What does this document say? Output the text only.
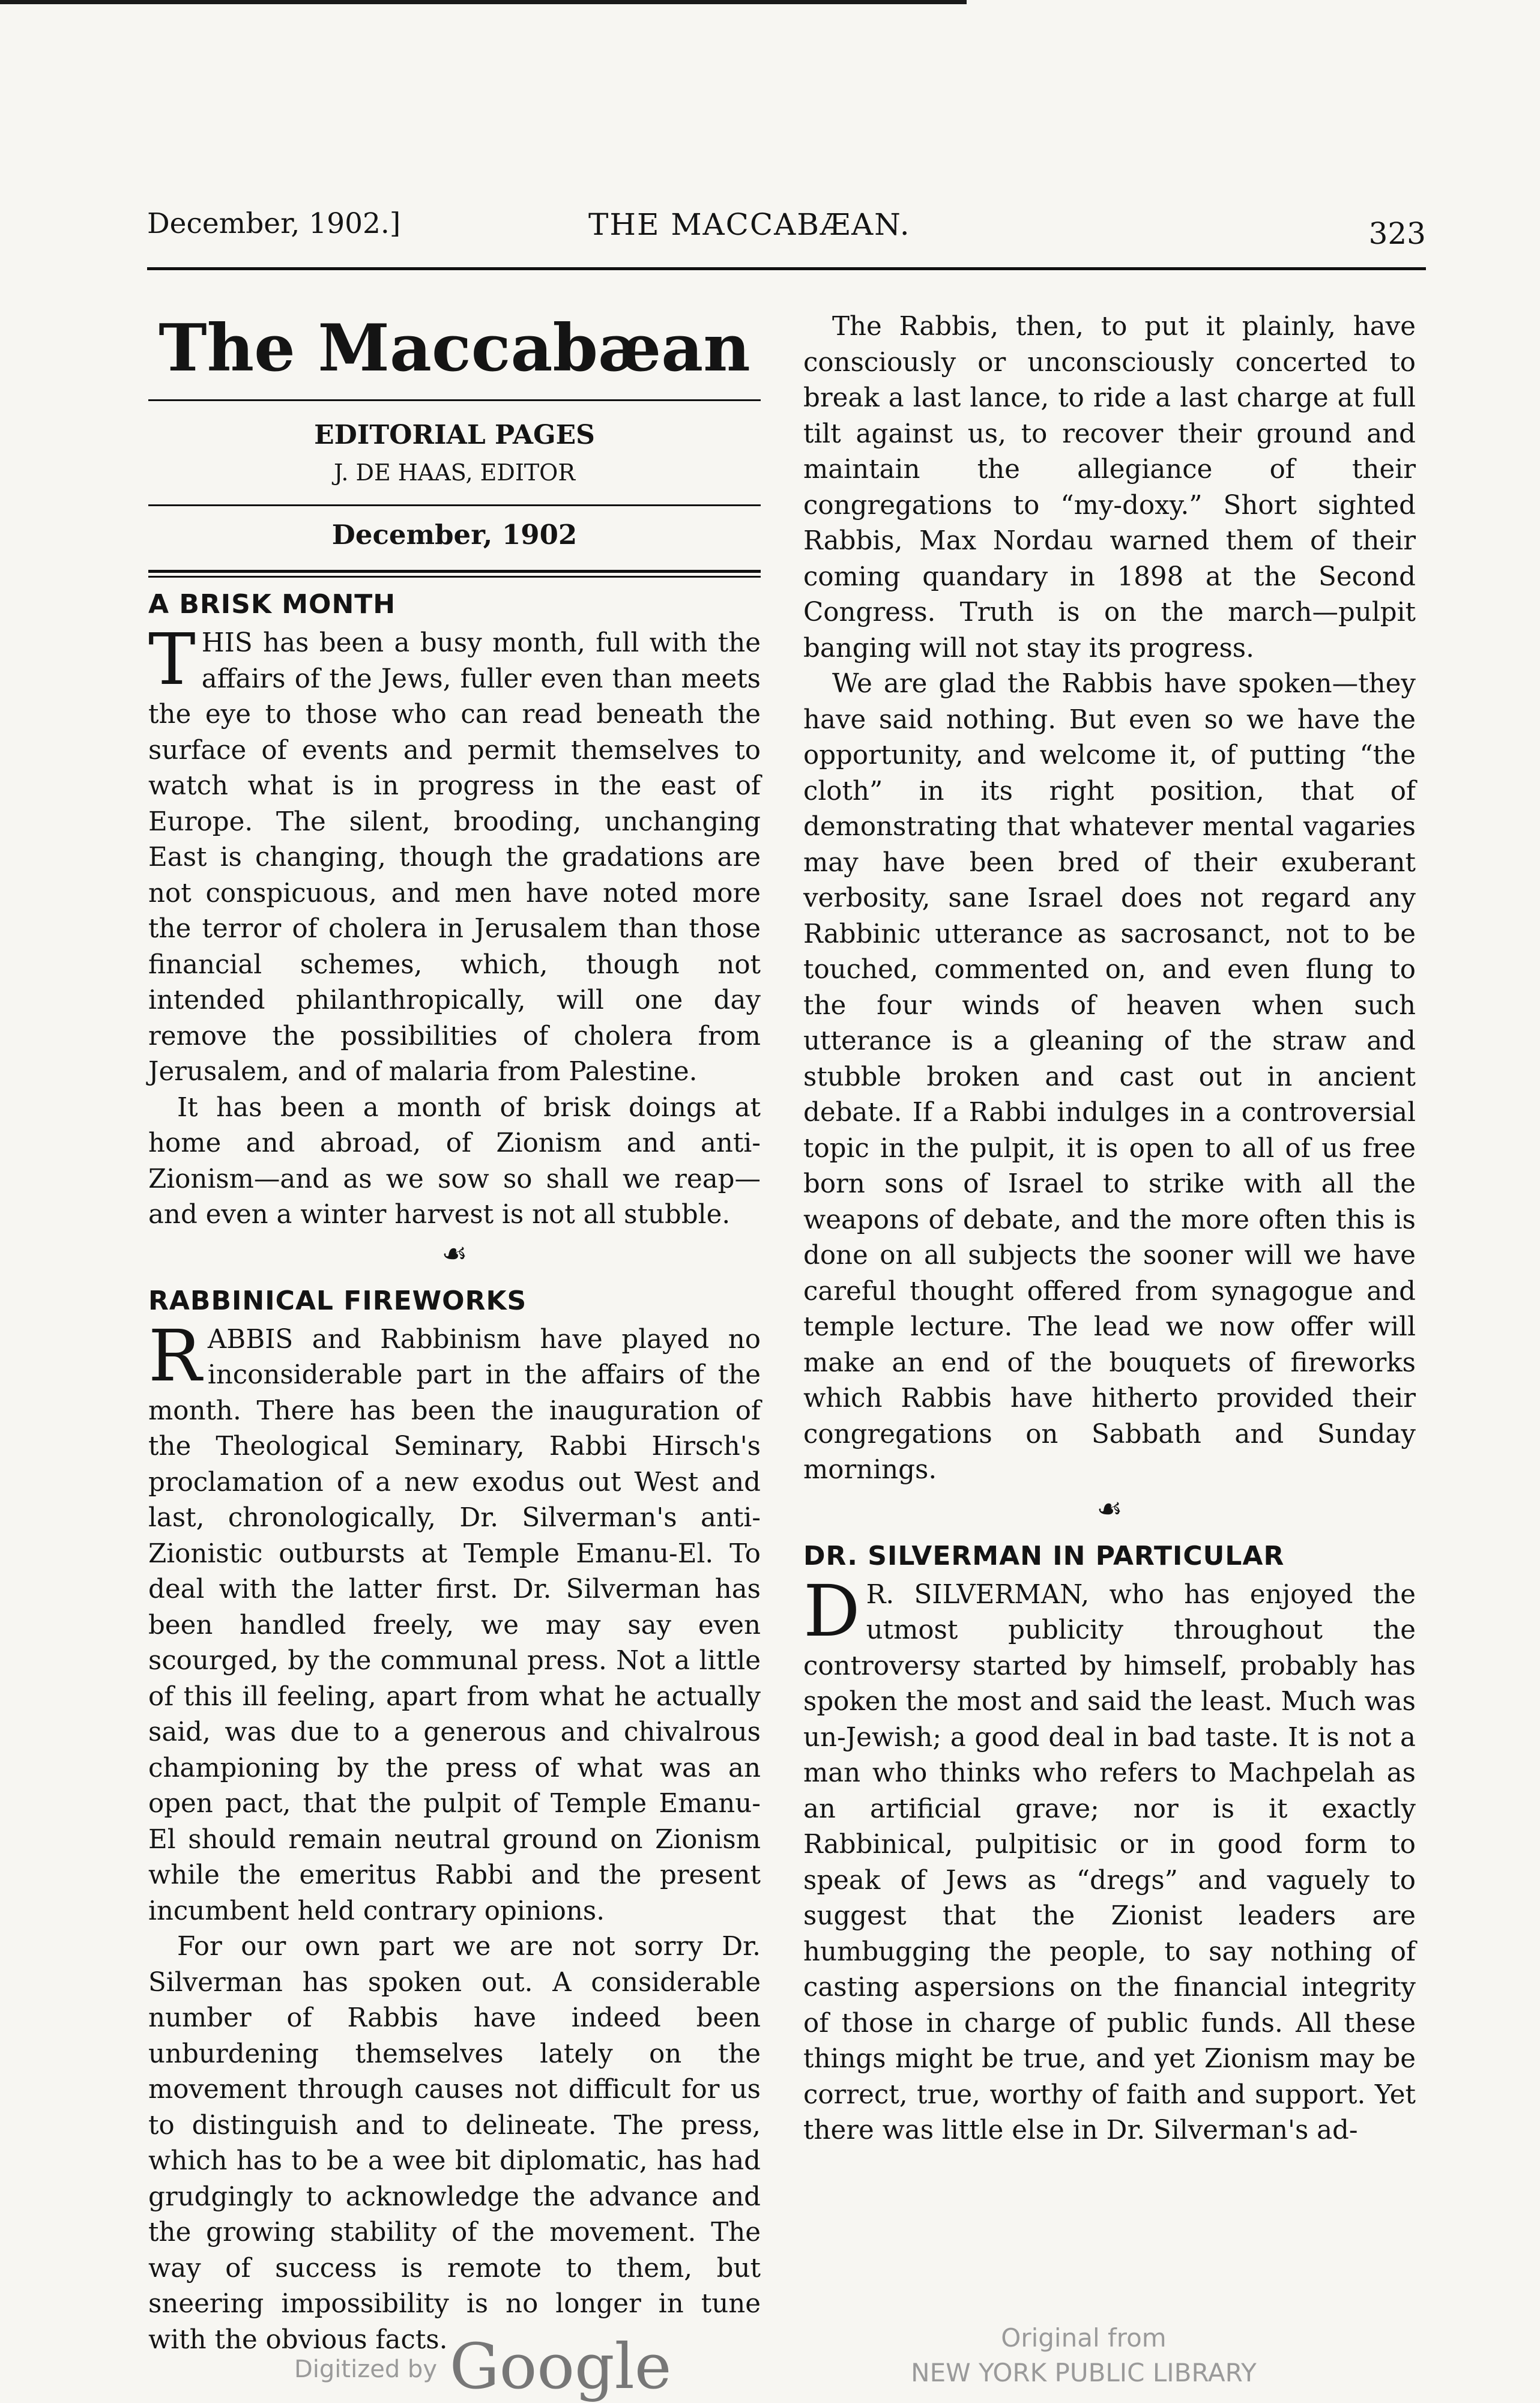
December, 1902.]	THE MACCABÆAN.	323
The Maccabæan
EDITORIAL PAGES
J. DE HAAS, EDITOR
December, 1902
A BRISK MONTH

THIS has been a busy month, full with the affairs of the Jews, fuller even than meets the eye to those who can read beneath the surface of events and permit themselves to watch what is in progress in the east of Europe. The silent, brooding, unchanging East is changing, though the gradations are not conspicuous, and men have noted more the terror of cholera in Jerusalem than those financial schemes, which, though not intended philanthropically, will one day remove the possibilities of cholera from Jerusalem, and of malaria from Palestine.

It has been a month of brisk doings at home and abroad, of Zionism and anti-Zionism—and as we sow so shall we reap—and even a winter harvest is not all stubble.

☙
RABBINICAL FIREWORKS

RABBIS and Rabbinism have played no inconsiderable part in the affairs of the month. There has been the inauguration of the Theological Seminary, Rabbi Hirsch's proclamation of a new exodus out West and last, chronologically, Dr. Silverman's anti-Zionistic outbursts at Temple Emanu-El. To deal with the latter first. Dr. Silverman has been handled freely, we may say even scourged, by the communal press. Not a little of this ill feeling, apart from what he actually said, was due to a generous and chivalrous championing by the press of what was an open pact, that the pulpit of Temple Emanu-El should remain neutral ground on Zionism while the emeritus Rabbi and the present incumbent held contrary opinions.

For our own part we are not sorry Dr. Silverman has spoken out. A considerable number of Rabbis have indeed been unburdening themselves lately on the movement through causes not difficult for us to distinguish and to delineate. The press, which has to be a wee bit diplomatic, has had grudgingly to acknowledge the advance and the growing stability of the movement. The way of success is remote to them, but sneering impossibility is no longer in tune with the obvious facts.

The Rabbis, then, to put it plainly, have consciously or unconsciously concerted to break a last lance, to ride a last charge at full tilt against us, to recover their ground and maintain the allegiance of their congregations to “my-doxy.” Short sighted Rabbis, Max Nordau warned them of their coming quandary in 1898 at the Second Congress. Truth is on the march—pulpit banging will not stay its progress.

We are glad the Rabbis have spoken—they have said nothing. But even so we have the opportunity, and welcome it, of putting “the cloth” in its right position, that of demonstrating that whatever mental vagaries may have been bred of their exuberant verbosity, sane Israel does not regard any Rabbinic utterance as sacrosanct, not to be touched, commented on, and even flung to the four winds of heaven when such utterance is a gleaning of the straw and stubble broken and cast out in ancient debate. If a Rabbi indulges in a controversial topic in the pulpit, it is open to all of us free born sons of Israel to strike with all the weapons of debate, and the more often this is done on all subjects the sooner will we have careful thought offered from synagogue and temple lecture. The lead we now offer will make an end of the bouquets of fireworks which Rabbis have hitherto provided their congregations on Sabbath and Sunday mornings.

☙
DR. SILVERMAN IN PARTICULAR

D R. SILVERMAN, who has enjoyed the utmost publicity throughout the controversy started by himself, probably has spoken the most and said the least. Much was un-Jewish; a good deal in bad taste. It is not a man who thinks who refers to Machpelah as an artificial grave; nor is it exactly Rabbinical, pulpitisic or in good form to speak of Jews as “dregs” and vaguely to suggest that the Zionist leaders are humbugging the people, to say nothing of casting aspersions on the financial integrity of those in charge of public funds. All these things might be true, and yet Zionism may be correct, true, worthy of faith and support. Yet there was little else in Dr. Silverman's ad-

Digitized by Google	Original from
NEW YORK PUBLIC LIBRARY
